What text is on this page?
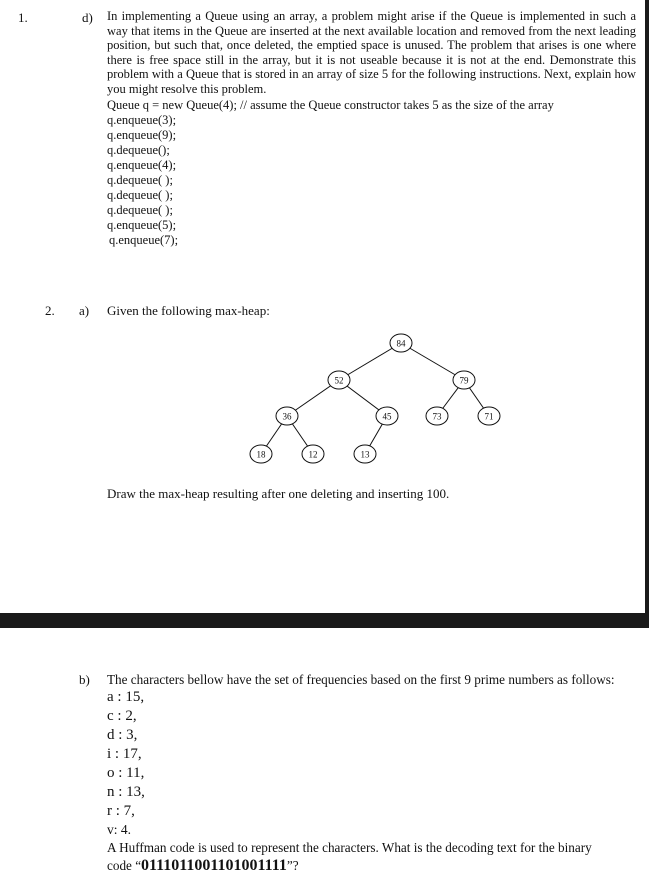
1.	d) In implementing a Queue using an array, a problem might arise if the Queue is implemented in such a way that items in the Queue are inserted at the next available location and removed from the next leading position, but such that, once deleted, the emptied space is unused. The problem that arises is one where there is free space still in the array, but it is not useable because it is not at the end. Demonstrate this problem with a Queue that is stored in an array of size 5 for the following instructions. Next, explain how you might resolve this problem.

Queue q = new Queue(4); // assume the Queue constructor takes 5 as the size of the array
q.enqueue(3);
q.enqueue(9);
q.dequeue();
q.enqueue(4);
q.dequeue( );
q.dequeue( );
q.dequeue( );
q.enqueue(5);
q.enqueue(7);
2. a) Given the following max-heap:
84
52	79
36	45	73	71
18	12	13
Draw the max-heap resulting after one deleting and inserting 100.
b) The characters bellow have the set of frequencies based on the first 9 prime numbers as follows:
a : 15,
c : 2,
d : 3,
i : 17,
o : 11,
n : 13,
r : 7,
v: 4.
A Huffman code is used to represent the characters. What is the decoding text for the binary
code “0111011001101001111”?
